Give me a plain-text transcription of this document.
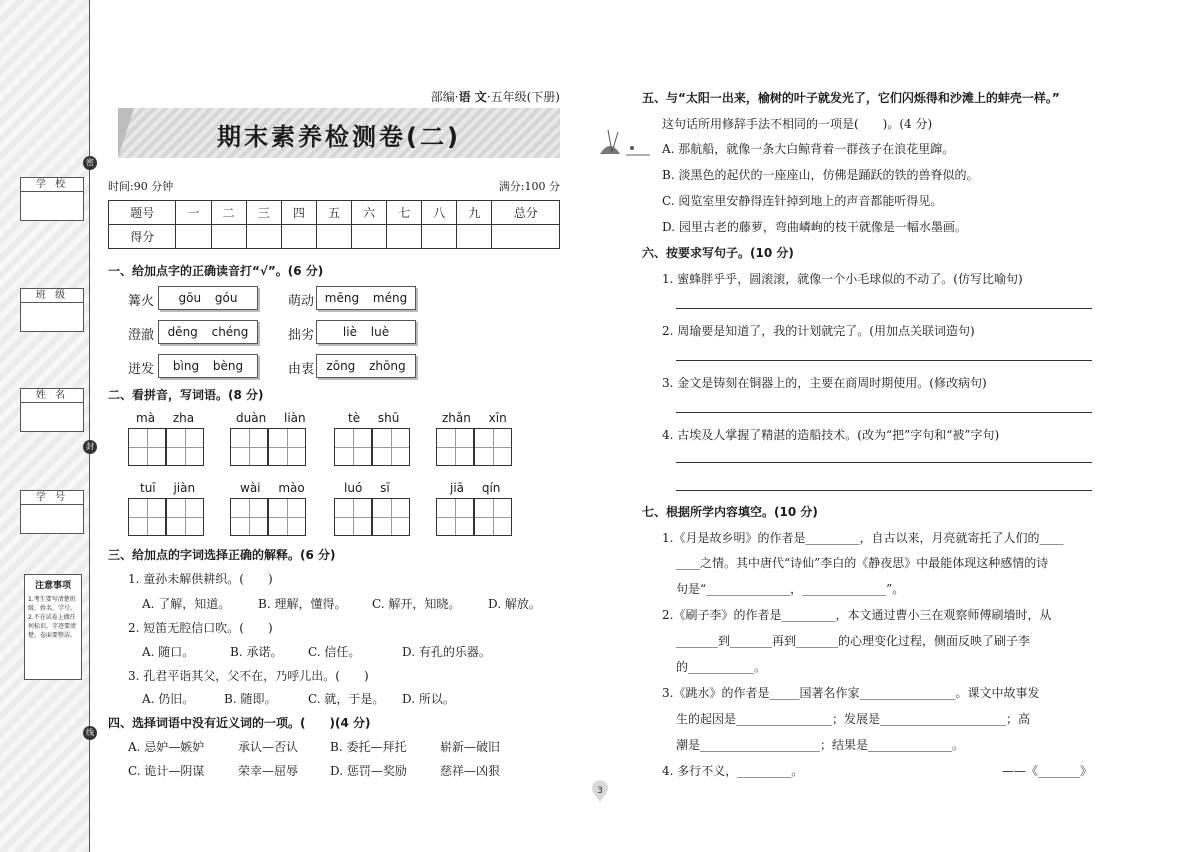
密
封
线
学 校
班 级
姓 名
学 号
注意事项
1.考生要写清楚班级、姓名、学号。2.不在试卷上做任何标识，字迹要清楚，卷面要整洁。
部编·语 文·五年级(下册)
期末素养检测卷(二)
时间:90 分钟	满分:100 分
题号	一	二	三	四	五	六	七	八	九	总分
得分										
一、给加点字的正确读音打“√”。(6 分)
篝火	gōu góu	萌动 mēng méng
澄澈	dēng chéng	拙劣	liè luè
迸发	bìng bèng	由衷	zōng zhōng
二、看拼音，写词语。(8 分)
mà zha	duàn liàn	tè shū	zhǎn xīn
tuī jiàn	wài mào	luó sī	jiā qín
三、给加点的字词选择正确的解释。(6 分)
1. 童孙未解供耕织。(　　)
A. 了解，知道。 B. 理解，懂得。 C. 解开，知晓。 D. 解放。
2. 短笛无腔信口吹。(　　)
A. 随口。	B. 承诺。 C. 信任。	D. 有孔的乐器。
3. 孔君平诣其父，父不在，乃呼儿出。(　　)
A. 仍旧。 B. 随即。	C. 就，于是。 D. 所以。
四、选择词语中没有近义词的一项。(　　)(4 分)
A. 忌妒—嫉妒	承认—否认	B. 委托—拜托	崭新—破旧
C. 诡计—阴谋	荣幸—屈辱	D. 惩罚—奖励	慈祥—凶狠
五、与“太阳一出来，榆树的叶子就发光了，它们闪烁得和沙滩上的蚌壳一样。”
这句话所用修辞手法不相同的一项是(　　)。(4 分)
A. 那航船，就像一条大白鲸背着一群孩子在浪花里蹿。
B. 淡黑色的起伏的一座座山，仿佛是踊跃的铁的兽脊似的。
C. 阅览室里安静得连针掉到地上的声音都能听得见。
D. 园里古老的藤萝，弯曲嶙峋的枝干就像是一幅水墨画。
六、按要求写句子。(10 分)
1. 蜜蜂胖乎乎，圆滚滚，就像一个小毛球似的不动了。(仿写比喻句)
2. 周瑜要是知道了，我的计划就完了。(用加点关联词造句)
3. 金文是铸刻在铜器上的，主要在商周时期使用。(修改病句)
4. 古埃及人掌握了精湛的造船技术。(改为“把”字句和“被”字句)
七、根据所学内容填空。(10 分)
1.《月是故乡明》的作者是_________，自古以来，月亮就寄托了人们的____
____之情。其中唐代“诗仙”李白的《静夜思》中最能体现这种感情的诗
句是“______________，______________”。
2.《刷子李》的作者是_________，本文通过曹小三在观察师傅刷墙时，从
_______到_______再到_______的心理变化过程，侧面反映了刷子李
的___________。
3.《跳水》的作者是_____国著名作家________________。课文中故事发
生的起因是________________；发展是_____________________；高
潮是____________________；结果是______________。
4. 多行不义，_________。	——《_______》
3
